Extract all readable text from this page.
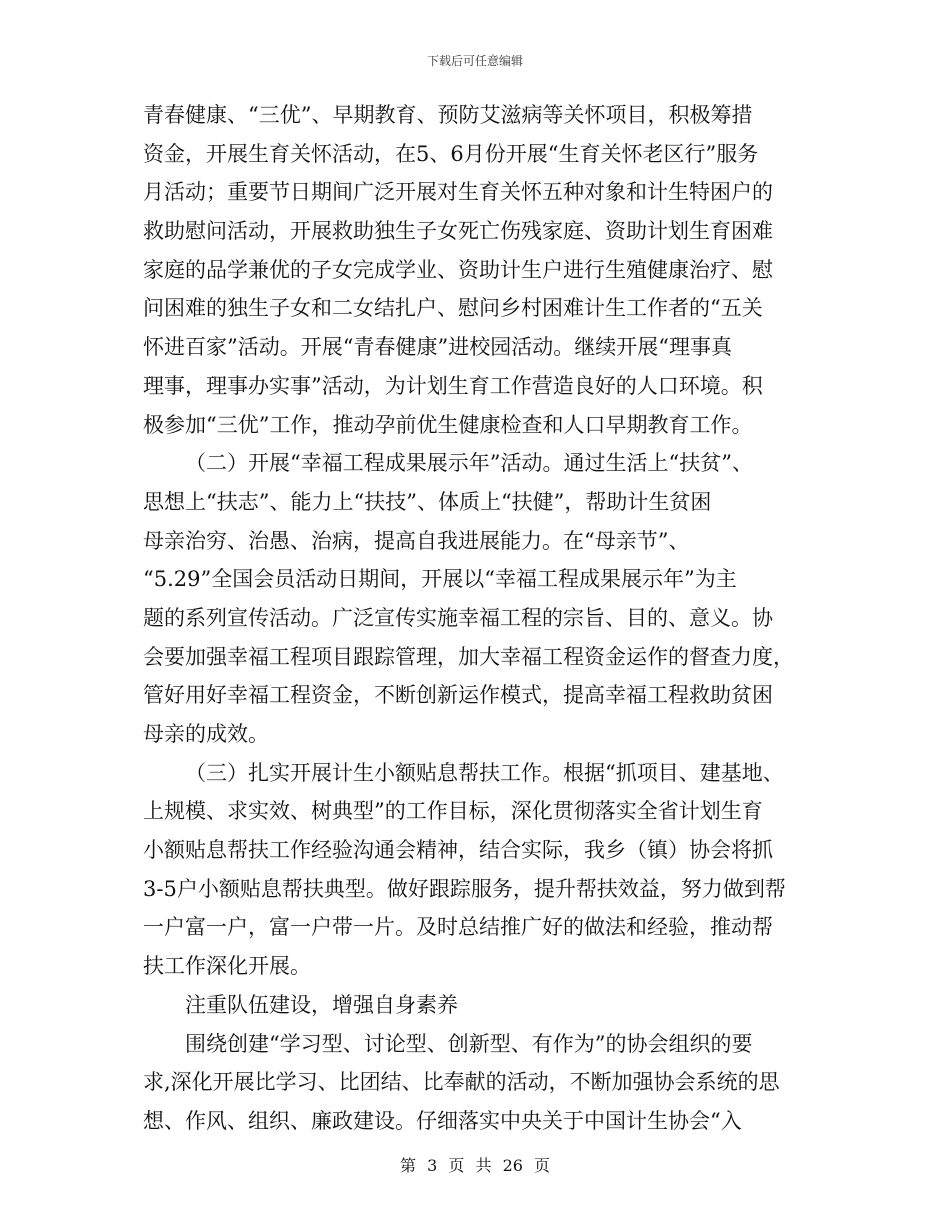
下载后可任意编辑
青春健康、“三优”、早期教育、预防艾滋病等关怀项目，积极筹措
资金，开展生育关怀活动，在5、6月份开展“生育关怀老区行”服务
月活动；重要节日期间广泛开展对生育关怀五种对象和计生特困户的
救助慰问活动，开展救助独生子女死亡伤残家庭、资助计划生育困难
家庭的品学兼优的子女完成学业、资助计生户进行生殖健康治疗、慰
问困难的独生子女和二女结扎户、慰问乡村困难计生工作者的“五关
怀进百家”活动。开展“青春健康”进校园活动。继续开展“理事真
理事，理事办实事”活动，为计划生育工作营造良好的人口环境。积
极参加“三优”工作，推动孕前优生健康检查和人口早期教育工作。
（二）开展“幸福工程成果展示年”活动。通过生活上“扶贫”、
思想上“扶志”、能力上“扶技”、体质上“扶健”，帮助计生贫困
母亲治穷、治愚、治病，提高自我进展能力。在“母亲节”、
“5.29”全国会员活动日期间，开展以“幸福工程成果展示年”为主
题的系列宣传活动。广泛宣传实施幸福工程的宗旨、目的、意义。协
会要加强幸福工程项目跟踪管理，加大幸福工程资金运作的督查力度，
管好用好幸福工程资金，不断创新运作模式，提高幸福工程救助贫困
母亲的成效。
（三）扎实开展计生小额贴息帮扶工作。根据“抓项目、建基地、
上规模、求实效、树典型”的工作目标，深化贯彻落实全省计划生育
小额贴息帮扶工作经验沟通会精神，结合实际，我乡（镇）协会将抓
3-5户小额贴息帮扶典型。做好跟踪服务，提升帮扶效益，努力做到帮
一户富一户，富一户带一片。及时总结推广好的做法和经验，推动帮
扶工作深化开展。
注重队伍建设，增强自身素养
围绕创建“学习型、讨论型、创新型、有作为”的协会组织的要
求,深化开展比学习、比团结、比奉献的活动，不断加强协会系统的思
想、作风、组织、廉政建设。仔细落实中央关于中国计生协会“入
第 3 页 共 26 页
